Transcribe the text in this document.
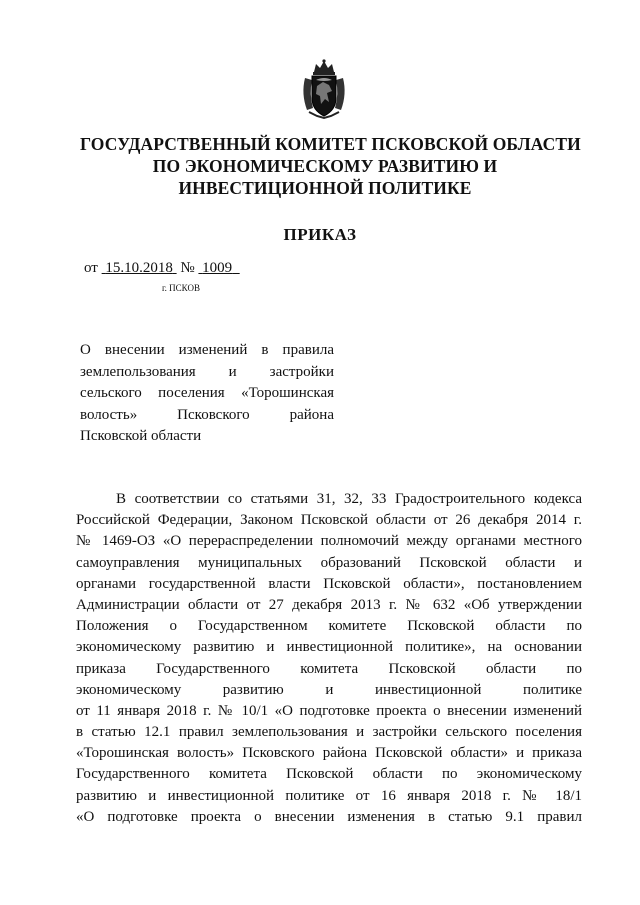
ГОСУДАРСТВЕННЫЙ КОМИТЕТ ПСКОВСКОЙ ОБЛАСТИ
ПО ЭКОНОМИЧЕСКОМУ РАЗВИТИЮ И
ИНВЕСТИЦИОННОЙ ПОЛИТИКЕ
ПРИКАЗ
от 15.10.2018 № 1009
г. ПСКОВ
О внесении изменений в правила
землепользования и застройки
сельского поселения «Торошинская
волость» Псковского района
Псковской области
В соответствии со статьями 31, 32, 33 Градостроительного кодекса
Российской Федерации, Законом Псковской области от 26 декабря 2014 г.
№ 1469-ОЗ «О перераспределении полномочий между органами местного
самоуправления муниципальных образований Псковской области и
органами государственной власти Псковской области», постановлением
Администрации области от 27 декабря 2013 г. № 632 «Об утверждении
Положения о Государственном комитете Псковской области по
экономическому развитию и инвестиционной политике», на основании
приказа Государственного комитета Псковской области по
экономическому развитию и инвестиционной политике
от 11 января 2018 г. № 10/1 «О подготовке проекта о внесении изменений
в статью 12.1 правил землепользования и застройки сельского поселения
«Торошинская волость» Псковского района Псковской области» и приказа
Государственного комитета Псковской области по экономическому
развитию и инвестиционной политике от 16 января 2018 г. № 18/1
«О подготовке проекта о внесении изменения в статью 9.1 правил
